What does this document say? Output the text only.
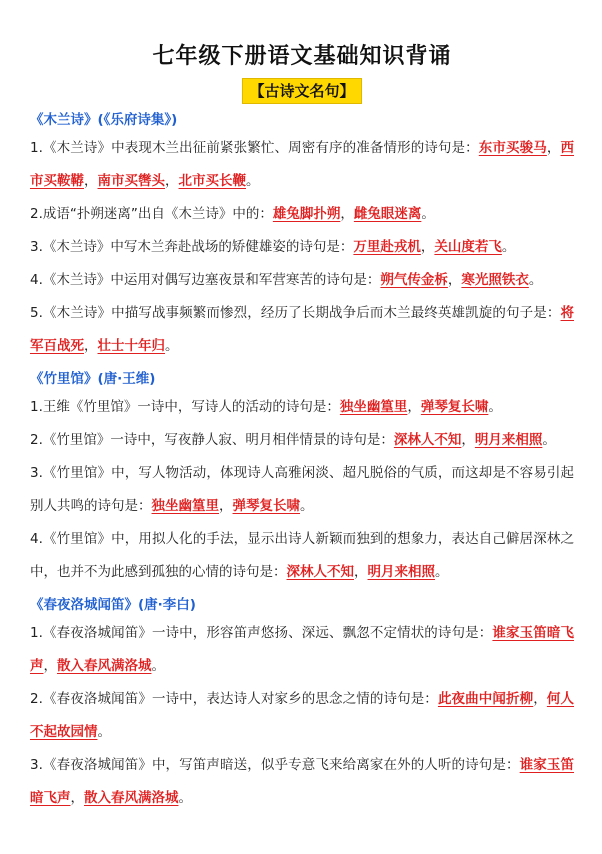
七年级下册语文基础知识背诵
【古诗文名句】

《木兰诗》(《乐府诗集》)

1.《木兰诗》中表现木兰出征前紧张繁忙、周密有序的准备情形的诗句是：东市买骏马，西市买鞍鞯，南市买辔头，北市买长鞭。

2.成语“扑朔迷离”出自《木兰诗》中的：雄兔脚扑朔，雌兔眼迷离。

3.《木兰诗》中写木兰奔赴战场的矫健雄姿的诗句是：万里赴戎机，关山度若飞。

4.《木兰诗》中运用对偶写边塞夜景和军营寒苦的诗句是：朔气传金柝，寒光照铁衣。

5.《木兰诗》中描写战事频繁而惨烈，经历了长期战争后而木兰最终英雄凯旋的句子是：将军百战死，壮士十年归。

《竹里馆》(唐·王维)

1.王维《竹里馆》一诗中，写诗人的活动的诗句是：独坐幽篁里，弹琴复长啸。

2.《竹里馆》一诗中，写夜静人寂、明月相伴情景的诗句是：深林人不知，明月来相照。

3.《竹里馆》中，写人物活动，体现诗人高雅闲淡、超凡脱俗的气质，而这却是不容易引起别人共鸣的诗句是：独坐幽篁里，弹琴复长啸。

4.《竹里馆》中，用拟人化的手法，显示出诗人新颖而独到的想象力，表达自己僻居深林之中，也并不为此感到孤独的心情的诗句是：深林人不知，明月来相照。

《春夜洛城闻笛》(唐·李白)

1.《春夜洛城闻笛》一诗中，形容笛声悠扬、深远、飘忽不定情状的诗句是：谁家玉笛暗飞声，散入春风满洛城。

2.《春夜洛城闻笛》一诗中，表达诗人对家乡的思念之情的诗句是：此夜曲中闻折柳，何人不起故园情。

3.《春夜洛城闻笛》中，写笛声暗送，似乎专意飞来给离家在外的人听的诗句是：谁家玉笛暗飞声，散入春风满洛城。
